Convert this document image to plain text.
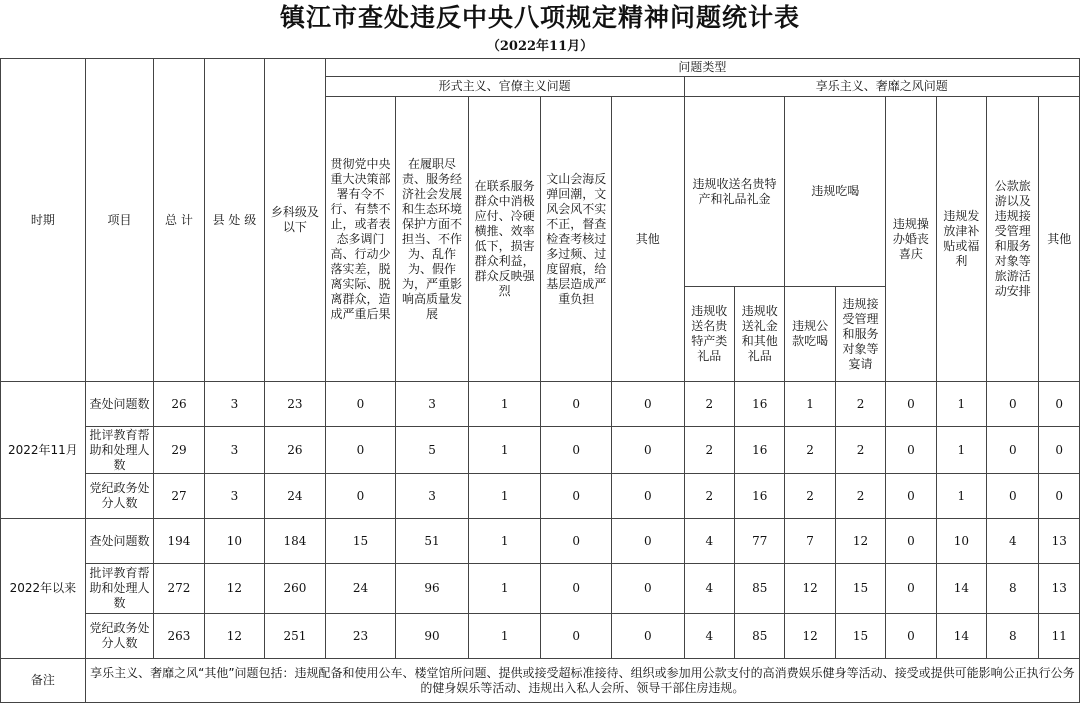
镇江市查处违反中央八项规定精神问题统计表
（2022年11月）
时期	项目	总 计	县 处 级	乡科级及以下	问题类型												
					形式主义、官僚主义问题					享乐主义、奢靡之风问题							
					贯彻党中央重大决策部署有令不行、有禁不止，或者表态多调门高、行动少落实差，脱离实际、脱离群众，造成严重后果	在履职尽责、服务经济社会发展和生态环境保护方面不担当、不作为、乱作为、假作为，严重影响高质量发展	在联系服务群众中消极应付、冷硬横推、效率低下，损害群众利益，群众反映强烈	文山会海反弹回潮，文风会风不实不正，督查检查考核过多过频、过度留痕，给基层造成严重负担	其他	违规收送名贵特产和礼品礼金		违规吃喝		违规操办婚丧喜庆	违规发放津补贴或福利	公款旅游以及违规接受管理和服务对象等旅游活动安排	其他
										违规收送名贵特产类礼品	违规收送礼金和其他礼品	违规公款吃喝	违规接受管理和服务对象等宴请				
2022年11月	查处问题数	26	3	23	0	3	1	0	0	2	16	1	2	0	1	0	0
	批评教育帮助和处理人数	29	3	26	0	5	1	0	0	2	16	2	2	0	1	0	0
	党纪政务处分人数	27	3	24	0	3	1	0	0	2	16	2	2	0	1	0	0
2022年以来	查处问题数	194	10	184	15	51	1	0	0	4	77	7	12	0	10	4	13
	批评教育帮助和处理人数	272	12	260	24	96	1	0	0	4	85	12	15	0	14	8	13
	党纪政务处分人数	263	12	251	23	90	1	0	0	4	85	12	15	0	14	8	11
备注	享乐主义、奢靡之风“其他”问题包括：违规配备和使用公车、楼堂馆所问题、提供或接受超标准接待、组织或参加用公款支付的高消费娱乐健身等活动、接受或提供可能影响公正执行公务的健身娱乐等活动、违规出入私人会所、领导干部住房违规。																
